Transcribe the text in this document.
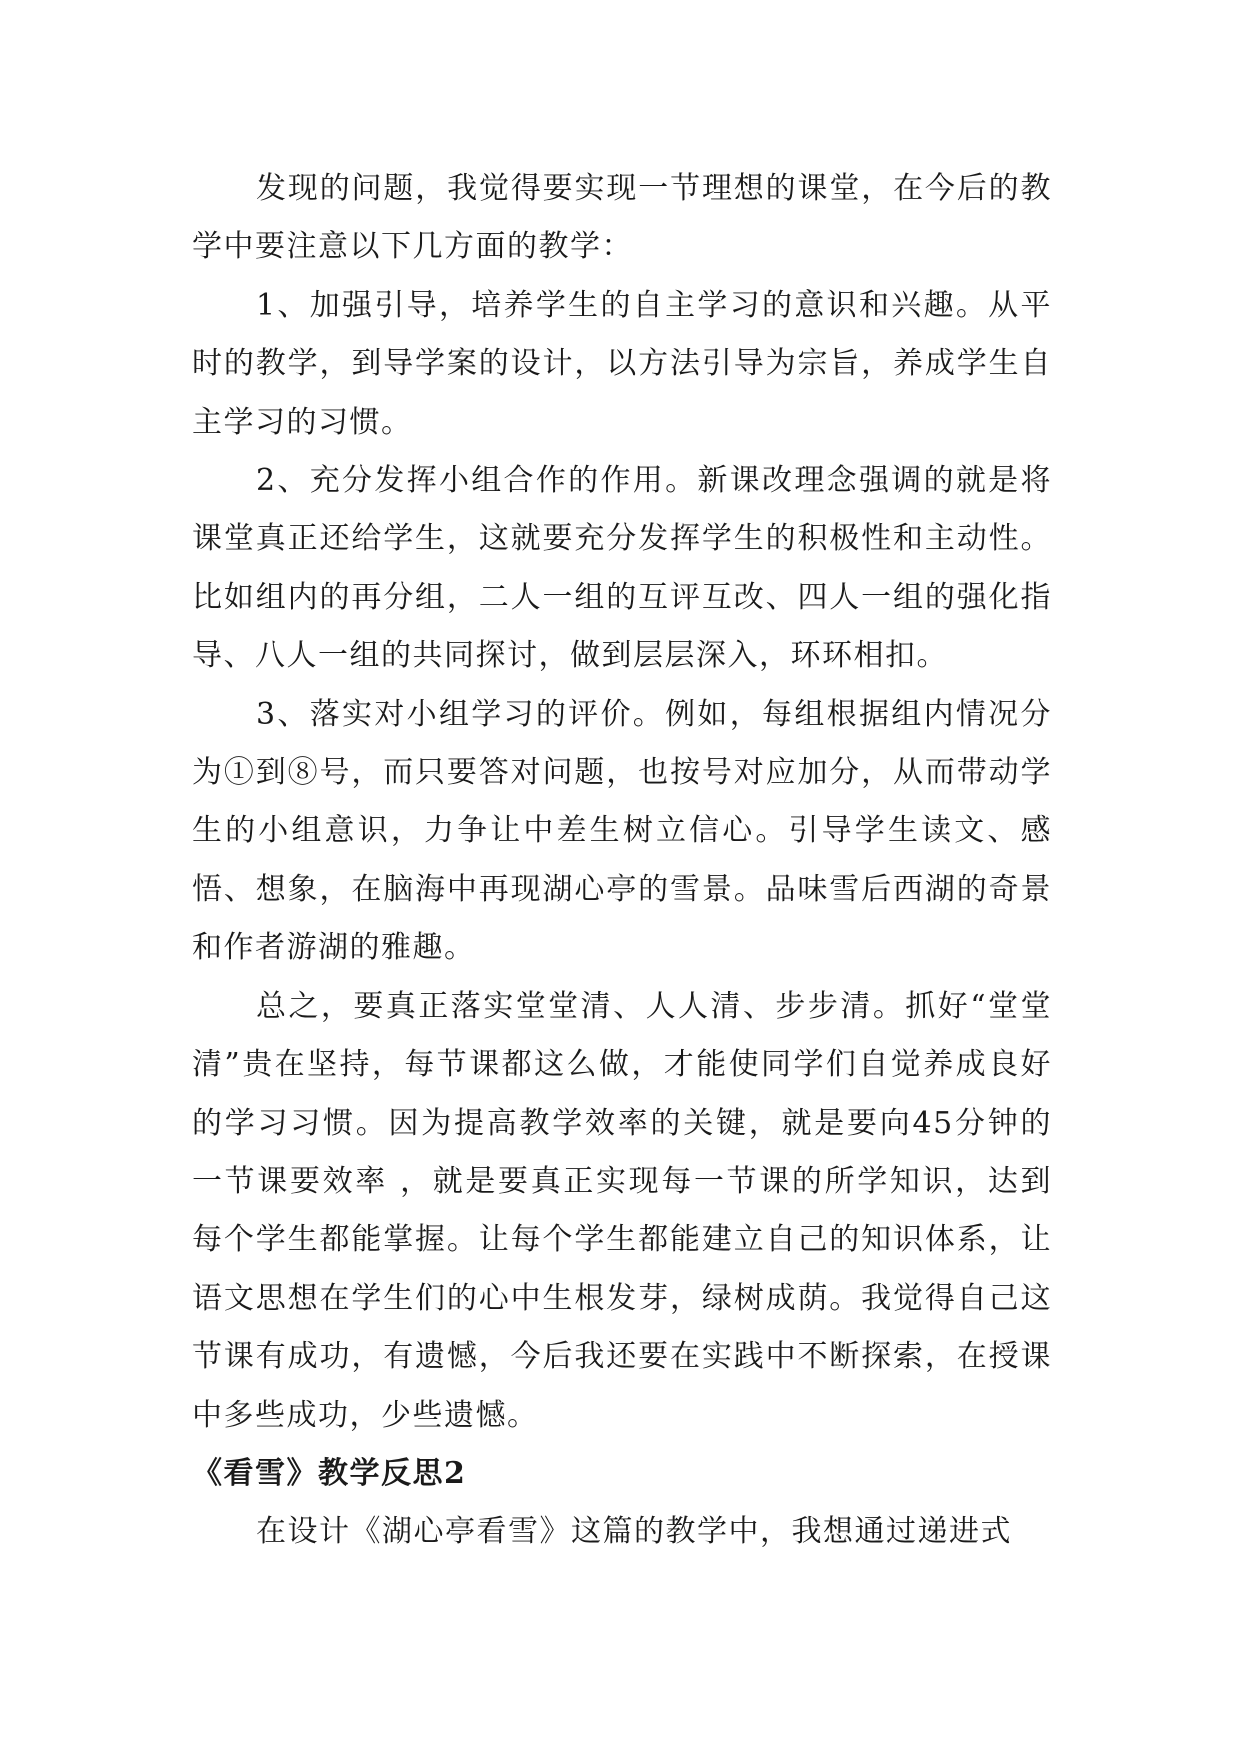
发现的问题，我觉得要实现一节理想的课堂，在今后的教学中要注意以下几方面的教学：

1、加强引导，培养学生的自主学习的意识和兴趣。从平时的教学，到导学案的设计，以方法引导为宗旨，养成学生自主学习的习惯。

2、充分发挥小组合作的作用。新课改理念强调的就是将课堂真正还给学生，这就要充分发挥学生的积极性和主动性。比如组内的再分组，二人一组的互评互改、四人一组的强化指导、八人一组的共同探讨，做到层层深入，环环相扣。

3、落实对小组学习的评价。例如，每组根据组内情况分为①到⑧号，而只要答对问题，也按号对应加分，从而带动学生的小组意识，力争让中差生树立信心。引导学生读文、感悟、想象，在脑海中再现湖心亭的雪景。品味雪后西湖的奇景和作者游湖的雅趣。

总之，要真正落实堂堂清、人人清、步步清。抓好“堂堂清”贵在坚持，每节课都这么做，才能使同学们自觉养成良好的学习习惯。因为提高教学效率的关键，就是要向45分钟的一节课要效率 ，就是要真正实现每一节课的所学知识，达到每个学生都能掌握。让每个学生都能建立自己的知识体系，让语文思想在学生们的心中生根发芽，绿树成荫。我觉得自己这节课有成功，有遗憾，今后我还要在实践中不断探索，在授课中多些成功，少些遗憾。

《看雪》教学反思2

在设计《湖心亭看雪》这篇的教学中，我想通过递进式
